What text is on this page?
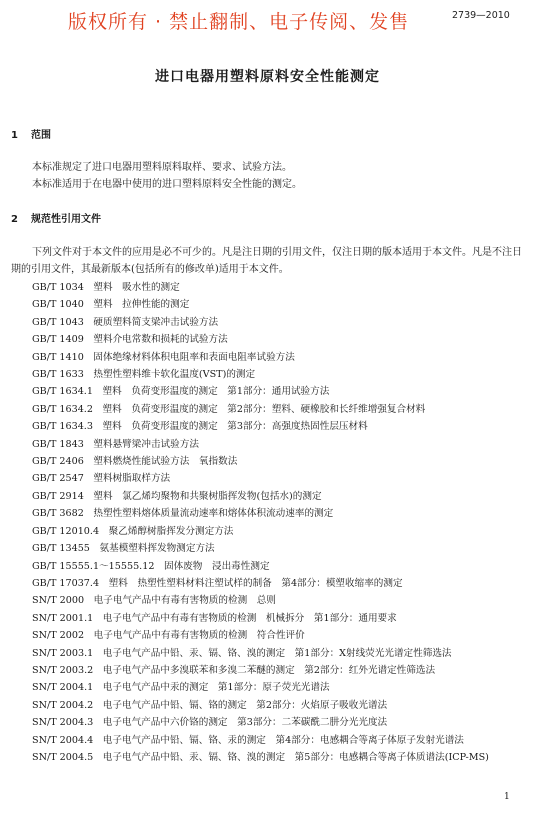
版权所有 · 禁止翻制、电子传阅、发售	2739—2010
进口电器用塑料原料安全性能测定
1 范围
本标准规定了进口电器用塑料原料取样、要求、试验方法。
本标准适用于在电器中使用的进口塑料原料安全性能的测定。
2 规范性引用文件
下列文件对于本文件的应用是必不可少的。凡是注日期的引用文件，仅注日期的版本适用于本文件。凡是不注日期的引用文件，其最新版本(包括所有的修改单)适用于本文件。
GB/T 1034　塑料　吸水性的测定
GB/T 1040　塑料　拉伸性能的测定
GB/T 1043　硬质塑料简支梁冲击试验方法
GB/T 1409　塑料介电常数和损耗的试验方法
GB/T 1410　固体绝缘材料体积电阻率和表面电阻率试验方法
GB/T 1633　热塑性塑料维卡软化温度(VST)的测定
GB/T 1634.1　塑料　负荷变形温度的测定　第1部分：通用试验方法
GB/T 1634.2　塑料　负荷变形温度的测定　第2部分：塑料、硬橡胶和长纤维增强复合材料
GB/T 1634.3　塑料　负荷变形温度的测定　第3部分：高强度热固性层压材料
GB/T 1843　塑料悬臂梁冲击试验方法
GB/T 2406　塑料燃烧性能试验方法　氧指数法
GB/T 2547　塑料树脂取样方法
GB/T 2914　塑料　氯乙烯均聚物和共聚树脂挥发物(包括水)的测定
GB/T 3682　热塑性塑料熔体质量流动速率和熔体体积流动速率的测定
GB/T 12010.4　聚乙烯醇树脂挥发分测定方法
GB/T 13455　氨基模塑料挥发物测定方法
GB/T 15555.1～15555.12　固体废物　浸出毒性测定
GB/T 17037.4　塑料　热塑性塑料材料注塑试样的制备　第4部分：模塑收缩率的测定
SN/T 2000　电子电气产品中有毒有害物质的检测　总则
SN/T 2001.1　电子电气产品中有毒有害物质的检测　机械拆分　第1部分：通用要求
SN/T 2002　电子电气产品中有毒有害物质的检测　符合性评价
SN/T 2003.1　电子电气产品中铅、汞、镉、铬、溴的测定　第1部分：X射线荧光光谱定性筛选法
SN/T 2003.2　电子电气产品中多溴联苯和多溴二苯醚的测定　第2部分：红外光谱定性筛选法
SN/T 2004.1　电子电气产品中汞的测定　第1部分：原子荧光光谱法
SN/T 2004.2　电子电气产品中铅、镉、铬的测定　第2部分：火焰原子吸收光谱法
SN/T 2004.3　电子电气产品中六价铬的测定　第3部分：二苯碳酰二肼分光光度法
SN/T 2004.4　电子电气产品中铅、镉、铬、汞的测定　第4部分：电感耦合等离子体原子发射光谱法
SN/T 2004.5　电子电气产品中铅、汞、镉、铬、溴的测定　第5部分：电感耦合等离子体质谱法(ICP-MS)
1
